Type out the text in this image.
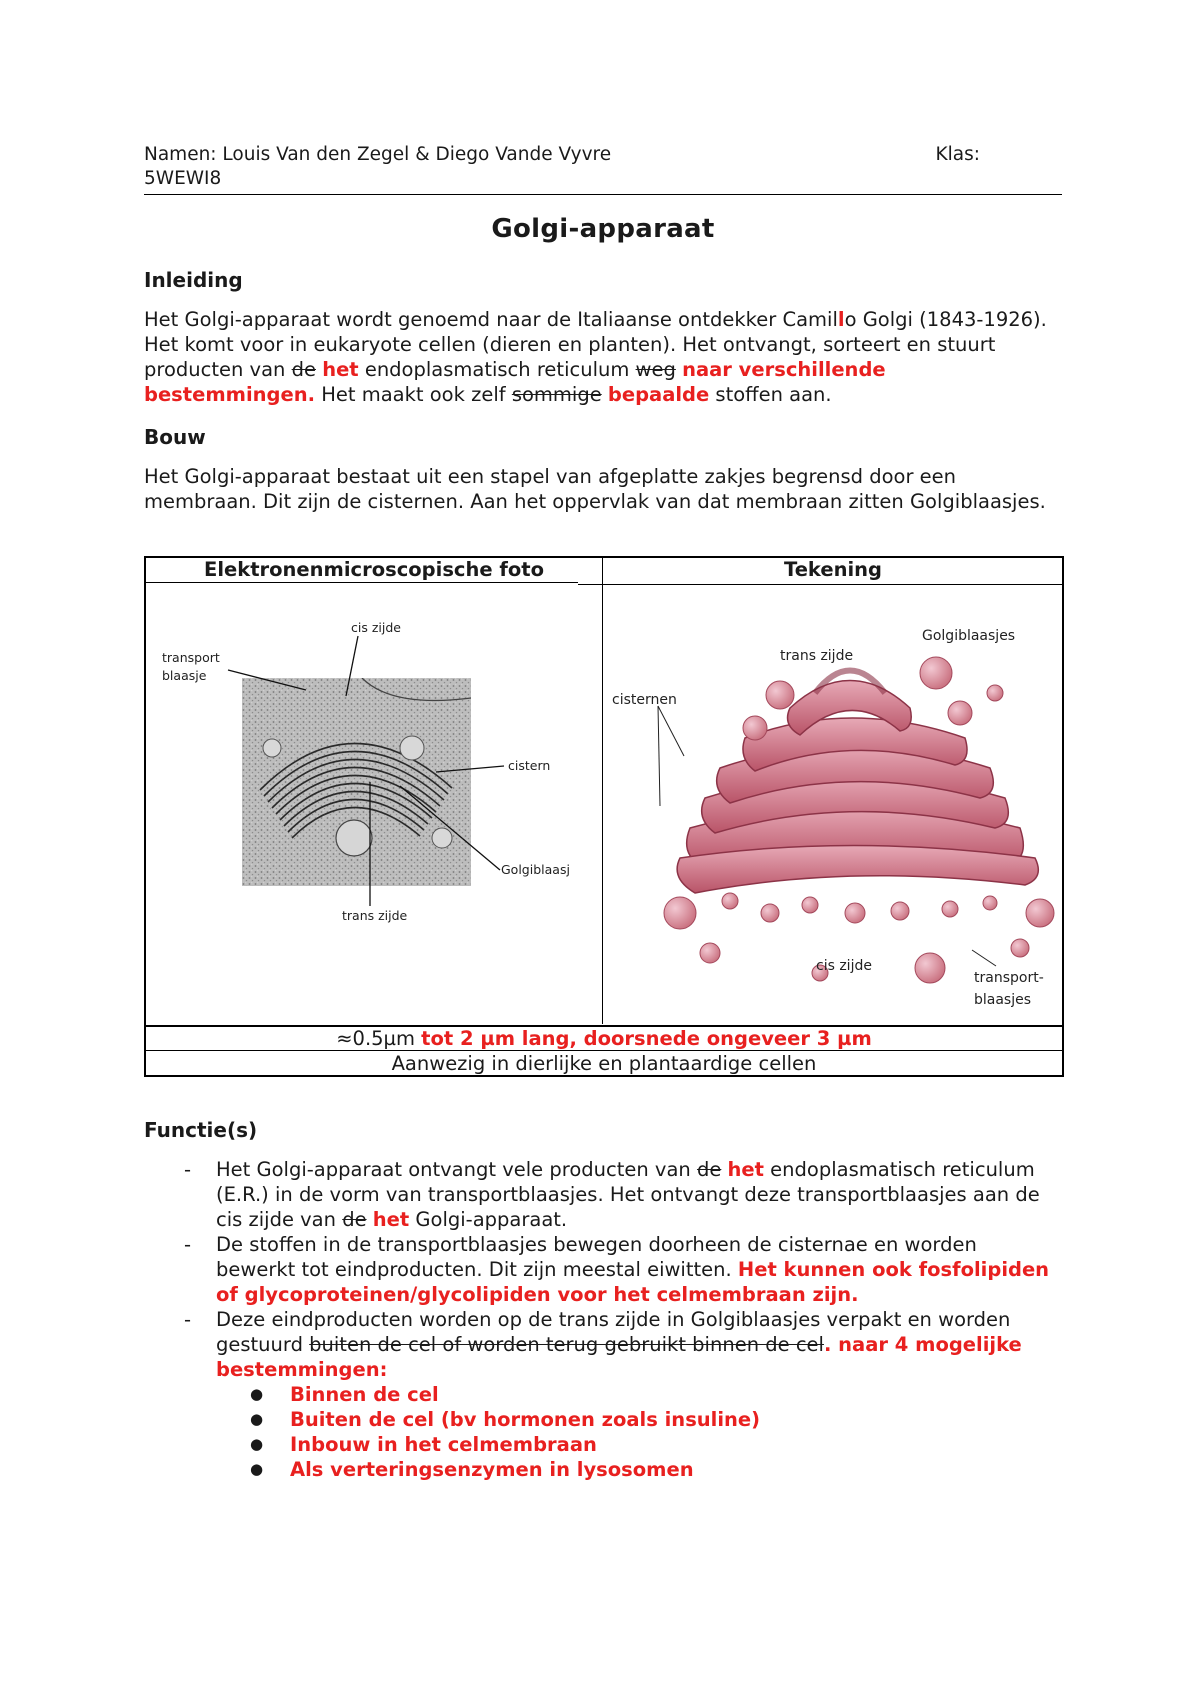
Namen: Louis Van den Zegel & Diego Vande Vyvre	Klas:
5WEWI8
Golgi-apparaat
Inleiding

Het Golgi-apparaat wordt genoemd naar de Italiaanse ontdekker Camillo Golgi (1843-1926). Het komt voor in eukaryote cellen (dieren en planten). Het ontvangt, sorteert en stuurt producten van de het endoplasmatisch reticulum weg naar verschillende bestemmingen. Het maakt ook zelf sommige bepaalde stoffen aan.

Bouw

Het Golgi-apparaat bestaat uit een stapel van afgeplatte zakjes begrensd door een membraan. Dit zijn de cisternen. Aan het oppervlak van dat membraan zitten Golgiblaasjes.

Elektronenmicroscopische foto	Tekening
cis zijde
transport
blaasje
cistern
Golgiblaasj
trans zijde
Golgiblaasjes
trans zijde
cisternen
cis zijde
transport-
blaasjes
≈0.5µm tot 2 µm lang, doorsnede ongeveer 3 µm
Aanwezig in dierlijke en plantaardige cellen
Functie(s)
- Het Golgi-apparaat ontvangt vele producten van de het endoplasmatisch reticulum (E.R.) in de vorm van transportblaasjes. Het ontvangt deze transportblaasjes aan de cis zijde van de het Golgi-apparaat.
- De stoffen in de transportblaasjes bewegen doorheen de cisternae en worden bewerkt tot eindproducten. Dit zijn meestal eiwitten. Het kunnen ook fosfolipiden of glycoproteinen/glycolipiden voor het celmembraan zijn.
- Deze eindproducten worden op de trans zijde in Golgiblaasjes verpakt en worden gestuurd buiten de cel of worden terug gebruikt binnen de cel. naar 4 mogelijke bestemmingen:
● Binnen de cel
● Buiten de cel (bv hormonen zoals insuline)
● Inbouw in het celmembraan
● Als verteringsenzymen in lysosomen
